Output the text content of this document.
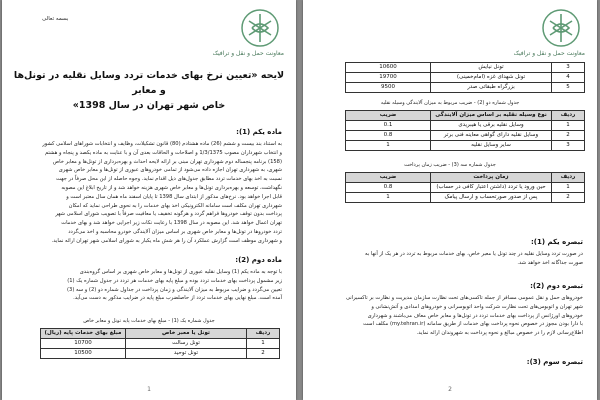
معاونت حمل و نقل و ترافیک
بسمه تعالی
لایحه «تعیین نرخ بهای خدمات تردد وسایل نقلیه در تونل‌ها و معابر
خاص شهر تهران در سال 1398»
ماده یکم (1):
به استناد بند بیست و ششم (26) ماده هشتادم (80) قانون تشکیلات، وظایف و انتخابات شوراهای اسلامی کشور
و انتخاب شهرداران مصوب 1/3/1375 و اصلاحات و الحاقات بعدی آن و با عنایت به ماده یکصد و پنجاه و هشتم
(158) برنامه پنجساله دوم شهرداری تهران مبنی بر ارائه لایحه احداث و بهره‌برداری از تونل‌ها و معابر خاص
شهری، به شهرداری تهران اجازه داده می‌شود از تمامی خودروهای عبوری از تونل‌ها و معابر خاص شهری
نسبت به اخذ بهای خدمات تردد مطابق جدول‌های ذیل اقدام نماید. وجوه حاصله از این محل صرفاً در جهت
نگهداشت، توسعه و بهره‌برداری تونل‌ها و معابر خاص شهری هزینه خواهد شد و از تاریخ ابلاغ این مصوبه
قابل اجرا خواهد بود. نرخ‌های مذکور از ابتدای سال 1398 تا پایان اسفند ماه همان سال معتبر است و
شهرداری تهران مکلف است سامانه الکترونیکی اخذ بهای خدمات را به نحوی طراحی نماید که امکان
پرداخت بدون توقف خودروها فراهم گردد و هرگونه تخفیف یا معافیت صرفاً با تصویب شورای اسلامی شهر
تهران اعمال خواهد شد. این مصوبه در سال 1398 با رعایت نکات زیر اجرایی خواهد شد و بهای خدمات
تردد خودروها در تونل‌ها و معابر خاص شهری بر اساس میزان آلایندگی خودرو محاسبه و اخذ می‌گردد
و شهرداری موظف است گزارش عملکرد آن را هر شش ماه یکبار به شورای اسلامی شهر تهران ارائه نماید.
ماده دوم (2):
با توجه به ماده یکم (1) وسایل نقلیه عبوری از تونل‌ها و معابر خاص شهری بر اساس گروه‌بندی
زیر مشمول پرداخت بهای خدمات تردد بوده و مبلغ پایه بهای خدمات هر تردد در جدول شماره یک (1)
تعیین می‌گردد و ضرایب مربوط به میزان آلایندگی و زمان پرداخت در جداول شماره دو (2) و سه (3)
آمده است. مبلغ نهایی بهای خدمات تردد از حاصلضرب مبلغ پایه در ضرایب مذکور به دست می‌آید.
جدول شماره یک (1) - مبلغ بهای خدمات پایه تونل و معابر خاص
ردیف	تونل یا معبر خاص	مبلغ بهای خدمات پایه (ریال)
1	تونل رسالت	10700
2	تونل توحید	10500
1
معاونت حمل و نقل و ترافیک
3	تونل نیایش	10600
4	تونل شهدای غزه (امام‌خمینی)	19700
5	بزرگراه طبقاتی صدر	9500
جدول شماره دو (2) - ضریب مربوط به میزان آلایندگی وسیله نقلیه
ردیف	نوع وسیله نقلیه بر اساس میزان آلایندگی	ضریب
1	وسایل نقلیه برقی یا هیبریدی	0.1
2	وسایل نقلیه دارای گواهی معاینه فنی برتر	0.8
3	سایر وسایل نقلیه	1
جدول شماره سه (3) - ضریب زمان پرداخت
ردیف	زمان پرداخت	ضریب
1	حین ورود یا تردد (داشتن اعتبار کافی در حساب)	0.8
2	پس از صدور صورتحساب و ارسال پیامک	1
تبصره یکم (1):
در صورت تردد وسایل نقلیه در چند تونل یا معبر خاص، بهای خدمات مربوط به تردد در هر یک از آنها به
صورت جداگانه اخذ خواهد شد.
تبصره دوم (2):
خودروهای حمل و نقل عمومی مسافر از جمله تاکسی‌های تحت نظارت سازمان مدیریت و نظارت بر تاکسیرانی
شهر تهران و اتوبوس‌های تحت نظارت شرکت واحد اتوبوسرانی و خودروهای امدادی و آتش‌نشانی و
خودروهای اورژانس از پرداخت بهای خدمات تردد در تونل‌ها و معابر خاص معاف می‌باشند و شهرداری
با دارا بودن مجوز در خصوص نحوه پرداخت بهای خدمات از طریق سامانه (my.tehran.ir) مکلف است
اطلاع‌رسانی لازم را در خصوص مبالغ و نحوه پرداخت به شهروندان ارائه نماید.
تبصره سوم (3):
2
